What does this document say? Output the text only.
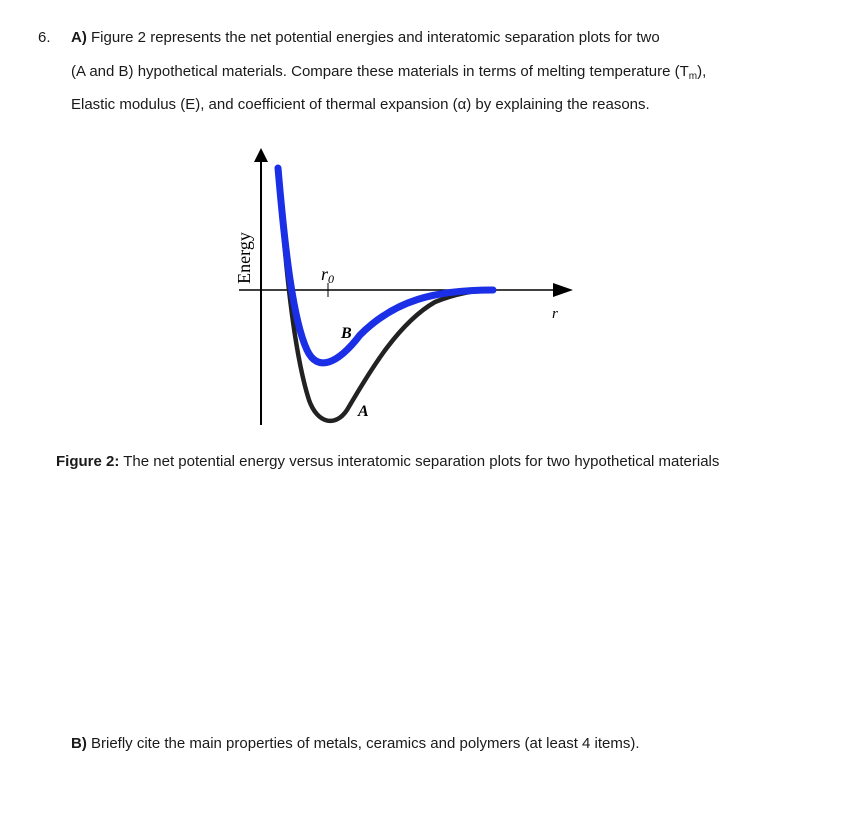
6. A) Figure 2 represents the net potential energies and interatomic separation plots for two
(A and B) hypothetical materials. Compare these materials in terms of melting temperature $(T_m)$,
Elastic modulus (E), and coefficient of thermal expansion (α) by explaining the reasons.
Energy
r
r0
B
A
Figure 2: The net potential energy versus interatomic separation plots for two hypothetical materials
B) Briefly cite the main properties of metals, ceramics and polymers (at least 4 items).
